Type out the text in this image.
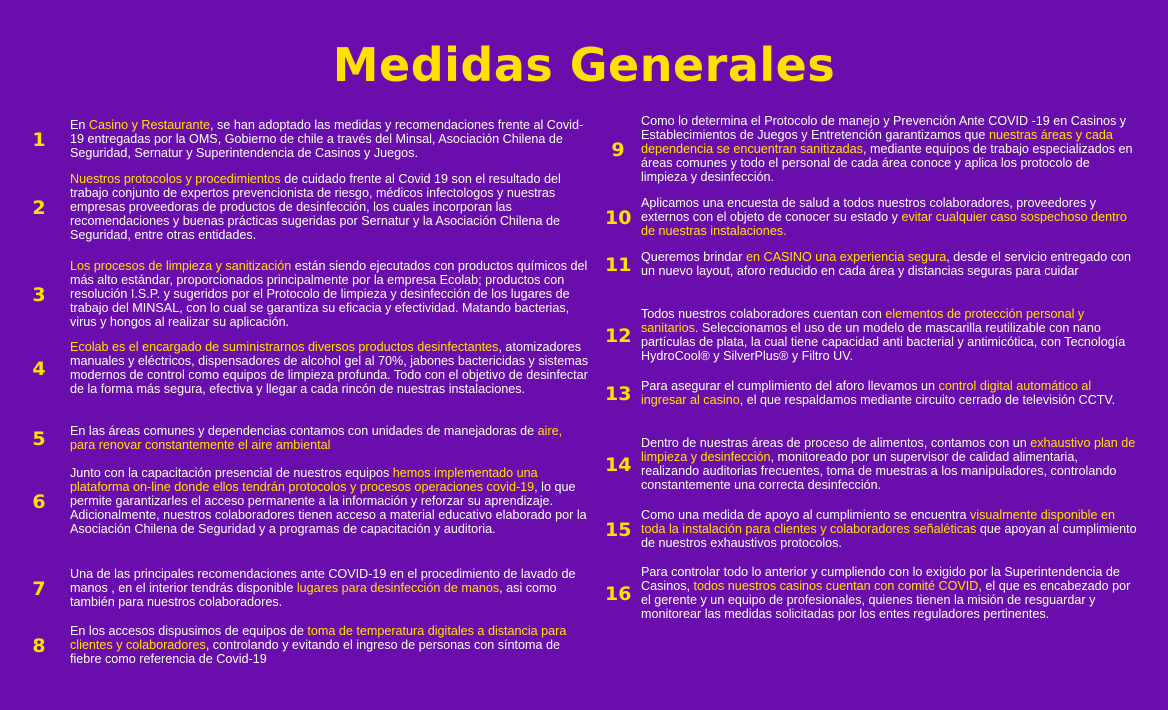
Medidas Generales
1
En Casino y Restaurante, se han adoptado las medidas y recomendaciones frente al Covid-19 entregadas por la OMS, Gobierno de chile a través del Minsal, Asociación Chilena de Seguridad, Sernatur y Superintendencia de Casinos y Juegos.
2
Nuestros protocolos y procedimientos de cuidado frente al Covid 19 son el resultado del trabajo conjunto de expertos prevencionista de riesgo, médicos infectologos y nuestras empresas proveedoras de productos de desinfección, los cuales incorporan las recomendaciones y buenas prácticas sugeridas por Sernatur y la Asociación Chilena de Seguridad, entre otras entidades.
3
Los procesos de limpieza y sanitización están siendo ejecutados con productos químicos del más alto estándar, proporcionados principalmente por la empresa Ecolab; productos con resolución I.S.P. y sugeridos por el Protocolo de limpieza y desinfección de los lugares de trabajo del MINSAL, con lo cual se garantiza su eficacia y efectividad. Matando bacterias, virus y hongos al realizar su aplicación.
4
Ecolab es el encargado de suministrarnos diversos productos desinfectantes, atomizadores manuales y eléctricos, dispensadores de alcohol gel al 70%, jabones bactericidas y sistemas modernos de control como equipos de limpieza profunda. Todo con el objetivo de desinfectar de la forma más segura, efectiva y llegar a cada rincón de nuestras instalaciones.
5	En las áreas comunes y dependencias contamos con unidades de manejadoras de aire, para renovar constantemente el aire ambiental
6
Junto con la capacitación presencial de nuestros equipos hemos implementado una plataforma on-line donde ellos tendrán protocolos y procesos operaciones covid-19, lo que permite garantizarles el acceso permanente a la información y reforzar su aprendizaje. Adicionalmente, nuestros colaboradores tienen acceso a material educativo elaborado por la Asociación Chilena de Seguridad y a programas de capacitación y auditoria.
7
Una de las principales recomendaciones ante COVID-19 en el procedimiento de lavado de manos , en el interior tendrás disponible lugares para desinfección de manos, asi como también para nuestros colaboradores.
8
En los accesos dispusimos de equipos de toma de temperatura digitales a distancia para clientes y colaboradores, controlando y evitando el ingreso de personas con síntoma de fiebre como referencia de Covid-19
9
Como lo determina el Protocolo de manejo y Prevención Ante COVID -19 en Casinos y Establecimientos de Juegos y Entretención garantizamos que nuestras áreas y cada dependencia se encuentran sanitizadas, mediante equipos de trabajo especializados en áreas comunes y todo el personal de cada área conoce y aplica los protocolo de limpieza y desinfección.
10
Aplicamos una encuesta de salud a todos nuestros colaboradores, proveedores y externos con el objeto de conocer su estado y evitar cualquier caso sospechoso dentro de nuestras instalaciones.
11 Queremos brindar en CASINO una experiencia segura, desde el servicio entregado con un nuevo layout, aforo reducido en cada área y distancias seguras para cuidar
12
Todos nuestros colaboradores cuentan con elementos de protección personal y sanitarios. Seleccionamos el uso de un modelo de mascarilla reutilizable con nano partículas de plata, la cual tiene capacidad anti bacterial y antimicótica, con Tecnología HydroCool® y SilverPlus® y Filtro UV.
13 Para asegurar el cumplimiento del aforo llevamos un control digital automático al ingresar al casino, el que respaldamos mediante circuito cerrado de televisión CCTV.
14
Dentro de nuestras áreas de proceso de alimentos, contamos con un exhaustivo plan de limpieza y desinfección, monitoreado por un supervisor de calidad alimentaria, realizando auditorias frecuentes, toma de muestras a los manipuladores, controlando constantemente una correcta desinfección.
15
Como una medida de apoyo al cumplimiento se encuentra visualmente disponible en toda la instalación para clientes y colaboradores señaléticas que apoyan al cumplimiento de nuestros exhaustivos protocolos.
16
Para controlar todo lo anterior y cumpliendo con lo exigido por la Superintendencia de Casinos, todos nuestros casinos cuentan con comité COVID, el que es encabezado por el gerente y un equipo de profesionales, quienes tienen la misión de resguardar y monitorear las medidas solicitadas por los entes reguladores pertinentes.
